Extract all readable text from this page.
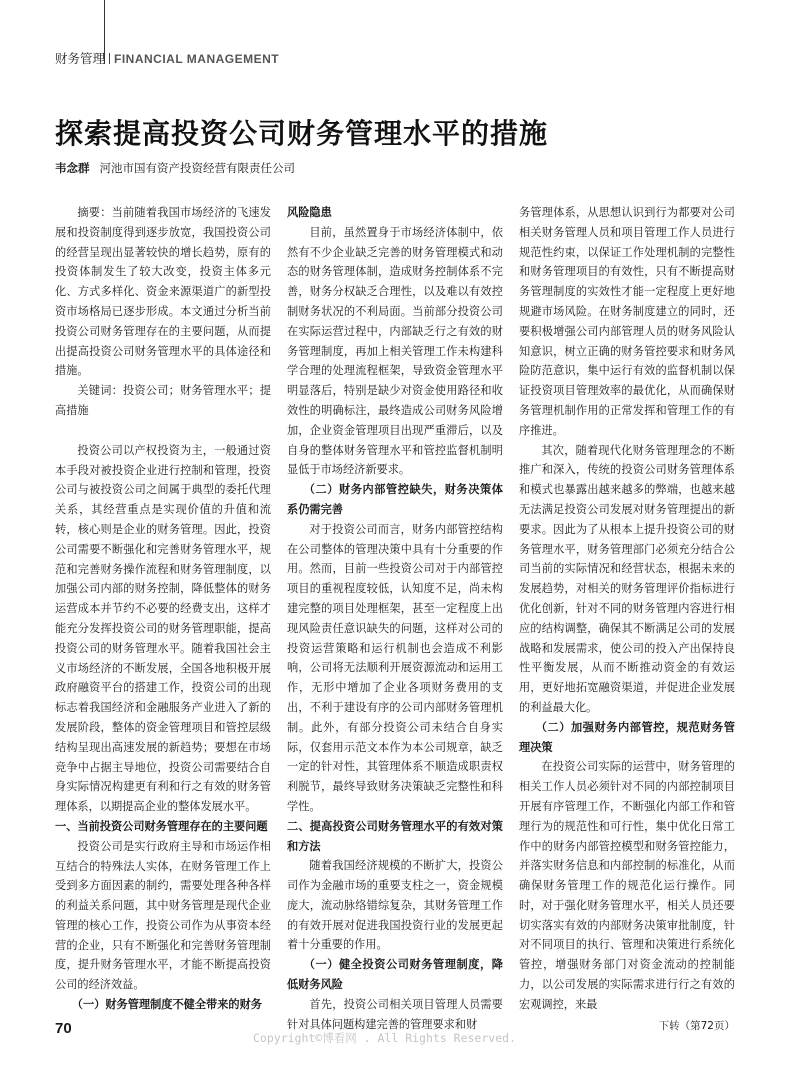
财务管理 FINANCIAL MANAGEMENT
探索提高投资公司财务管理水平的措施
韦念群 河池市国有资产投资经营有限责任公司

摘要：当前随着我国市场经济的飞速发展和投资制度得到逐步放宽，我国投资公司的经营呈现出显著较快的增长趋势，原有的投资体制发生了较大改变，投资主体多元化、方式多样化、资金来源渠道广的新型投资市场格局已逐步形成。本文通过分析当前投资公司财务管理存在的主要问题，从而提出提高投资公司财务管理水平的具体途径和措施。

关键词：投资公司；财务管理水平；提高措施

投资公司以产权投资为主，一般通过资本手段对被投资企业进行控制和管理，投资公司与被投资公司之间属于典型的委托代理关系，其经营重点是实现价值的升值和流转，核心则是企业的财务管理。因此，投资公司需要不断强化和完善财务管理水平，规范和完善财务操作流程和财务管理制度，以加强公司内部的财务控制，降低整体的财务运营成本并节约不必要的经费支出，这样才能充分发挥投资公司的财务管理职能，提高投资公司的财务管理水平。随着我国社会主义市场经济的不断发展，全国各地积极开展政府融资平台的搭建工作，投资公司的出现标志着我国经济和金融服务产业进入了新的发展阶段，整体的资金管理项目和管控层级结构呈现出高速发展的新趋势；要想在市场竞争中占据主导地位，投资公司需要结合自身实际情况构建更有利和行之有效的财务管理体系，以期提高企业的整体发展水平。

一、当前投资公司财务管理存在的主要问题

投资公司是实行政府主导和市场运作相互结合的特殊法人实体，在财务管理工作上受到多方面因素的制约，需要处理各种各样的利益关系问题，其中财务管理是现代企业管理的核心工作，投资公司作为从事资本经营的企业，只有不断强化和完善财务管理制度，提升财务管理水平，才能不断提高投资公司的经济效益。

（一）财务管理制度不健全带来的财务

风险隐患

目前，虽然置身于市场经济体制中，依然有不少企业缺乏完善的财务管理模式和动态的财务管理体制，造成财务控制体系不完善，财务分权缺乏合理性，以及难以有效控制财务状况的不利局面。当前部分投资公司在实际运营过程中，内部缺乏行之有效的财务管理制度，再加上相关管理工作未构建科学合理的处理流程框架，导致资金管理水平明显落后，特别是缺少对资金使用路径和收效性的明确标注，最终造成公司财务风险增加，企业资金管理项目出现严重滞后，以及自身的整体财务管理水平和管控监督机制明显低于市场经济新要求。

（二）财务内部管控缺失，财务决策体系仍需完善

对于投资公司而言，财务内部管控结构在公司整体的管理决策中具有十分重要的作用。然而，目前一些投资公司对于内部管控项目的重视程度较低，认知度不足，尚未构建完整的项目处理框架，甚至一定程度上出现风险责任意识缺失的问题，这样对公司的投资运营策略和运行机制也会造成不利影响，公司将无法顺利开展资源流动和运用工作，无形中增加了企业各项财务费用的支出，不利于建设有序的公司内部财务管理机制。此外，有部分投资公司未结合自身实际，仅套用示范文本作为本公司规章，缺乏一定的针对性，其管理体系不顺造成职责权利脱节，最终导致财务决策缺乏完整性和科学性。

二、提高投资公司财务管理水平的有效对策和方法

随着我国经济规模的不断扩大，投资公司作为金融市场的重要支柱之一，资金规模庞大，流动脉络错综复杂，其财务管理工作的有效开展对促进我国投资行业的发展更起着十分重要的作用。

（一）健全投资公司财务管理制度，降低财务风险

首先，投资公司相关项目管理人员需要针对具体问题构建完善的管理要求和财

务管理体系，从思想认识到行为都要对公司相关财务管理人员和项目管理工作人员进行规范性约束，以保证工作处理机制的完整性和财务管理项目的有效性，只有不断提高财务管理制度的实效性才能一定程度上更好地规避市场风险。在财务制度建立的同时，还要积极增强公司内部管理人员的财务风险认知意识，树立正确的财务管控要求和财务风险防范意识，集中运行有效的监督机制以保证投资项目管理效率的最优化，从而确保财务管理机制作用的正常发挥和管理工作的有序推进。

其次，随着现代化财务管理理念的不断推广和深入，传统的投资公司财务管理体系和模式也暴露出越来越多的弊端，也越来越无法满足投资公司发展对财务管理提出的新要求。因此为了从根本上提升投资公司的财务管理水平，财务管理部门必须充分结合公司当前的实际情况和经营状态，根据未来的发展趋势，对相关的财务管理评价指标进行优化创新，针对不同的财务管理内容进行相应的结构调整，确保其不断满足公司的发展战略和发展需求，使公司的投入产出保持良性平衡发展，从而不断推动资金的有效运用，更好地拓宽融资渠道，并促进企业发展的利益最大化。

（二）加强财务内部管控，规范财务管理决策

在投资公司实际的运营中，财务管理的相关工作人员必须针对不同的内部控制项目开展有序管理工作，不断强化内部工作和管理行为的规范性和可行性，集中优化日常工作中的财务内部管控模型和财务管控能力，并落实财务信息和内部控制的标准化，从而确保财务管理工作的规范化运行操作。同时，对于强化财务管理水平，相关人员还要切实落实有效的内部财务决策审批制度，针对不同项目的执行、管理和决策进行系统化管控，增强财务部门对资金流动的控制能力，以公司发展的实际需求进行行之有效的宏观调控，来最

下转（第72页）

70
Copyright©博看网 . All Rights Reserved.
